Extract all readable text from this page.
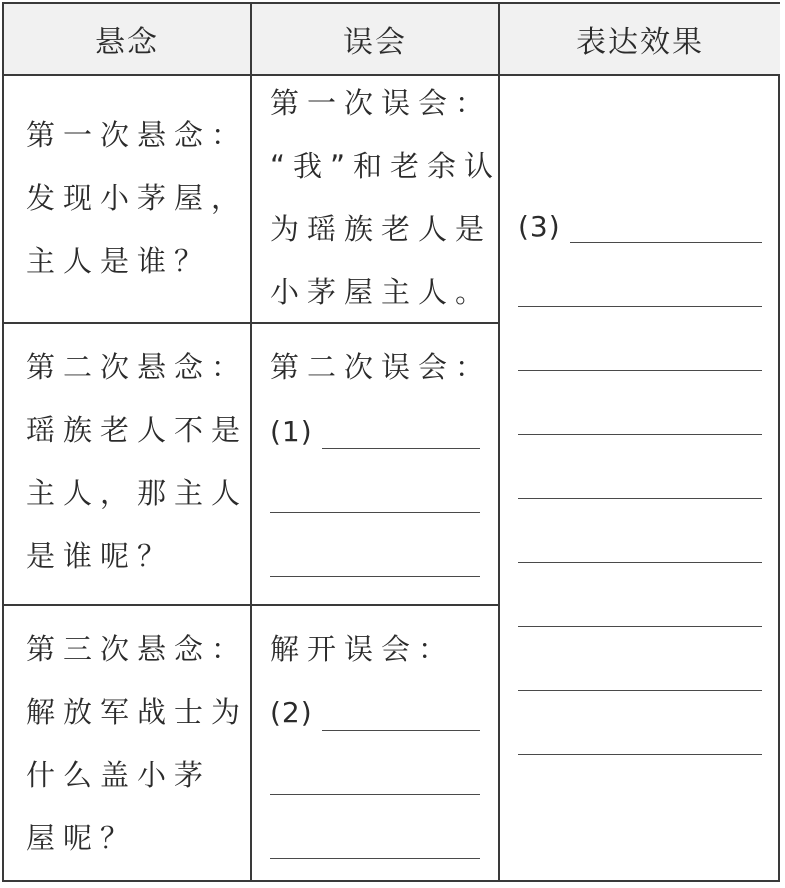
悬念	误会	表达效果
第一次悬念：
发现小茅屋，
主人是谁？
第一次误会：
“我”和老余认
为瑶族老人是
小茅屋主人。
第二次悬念：
瑶族老人不是
主人，那主人
是谁呢？
第二次误会：
(1)
第三次悬念：
解放军战士为
什么盖小茅
屋呢？
解开误会：
(2)
(3)
